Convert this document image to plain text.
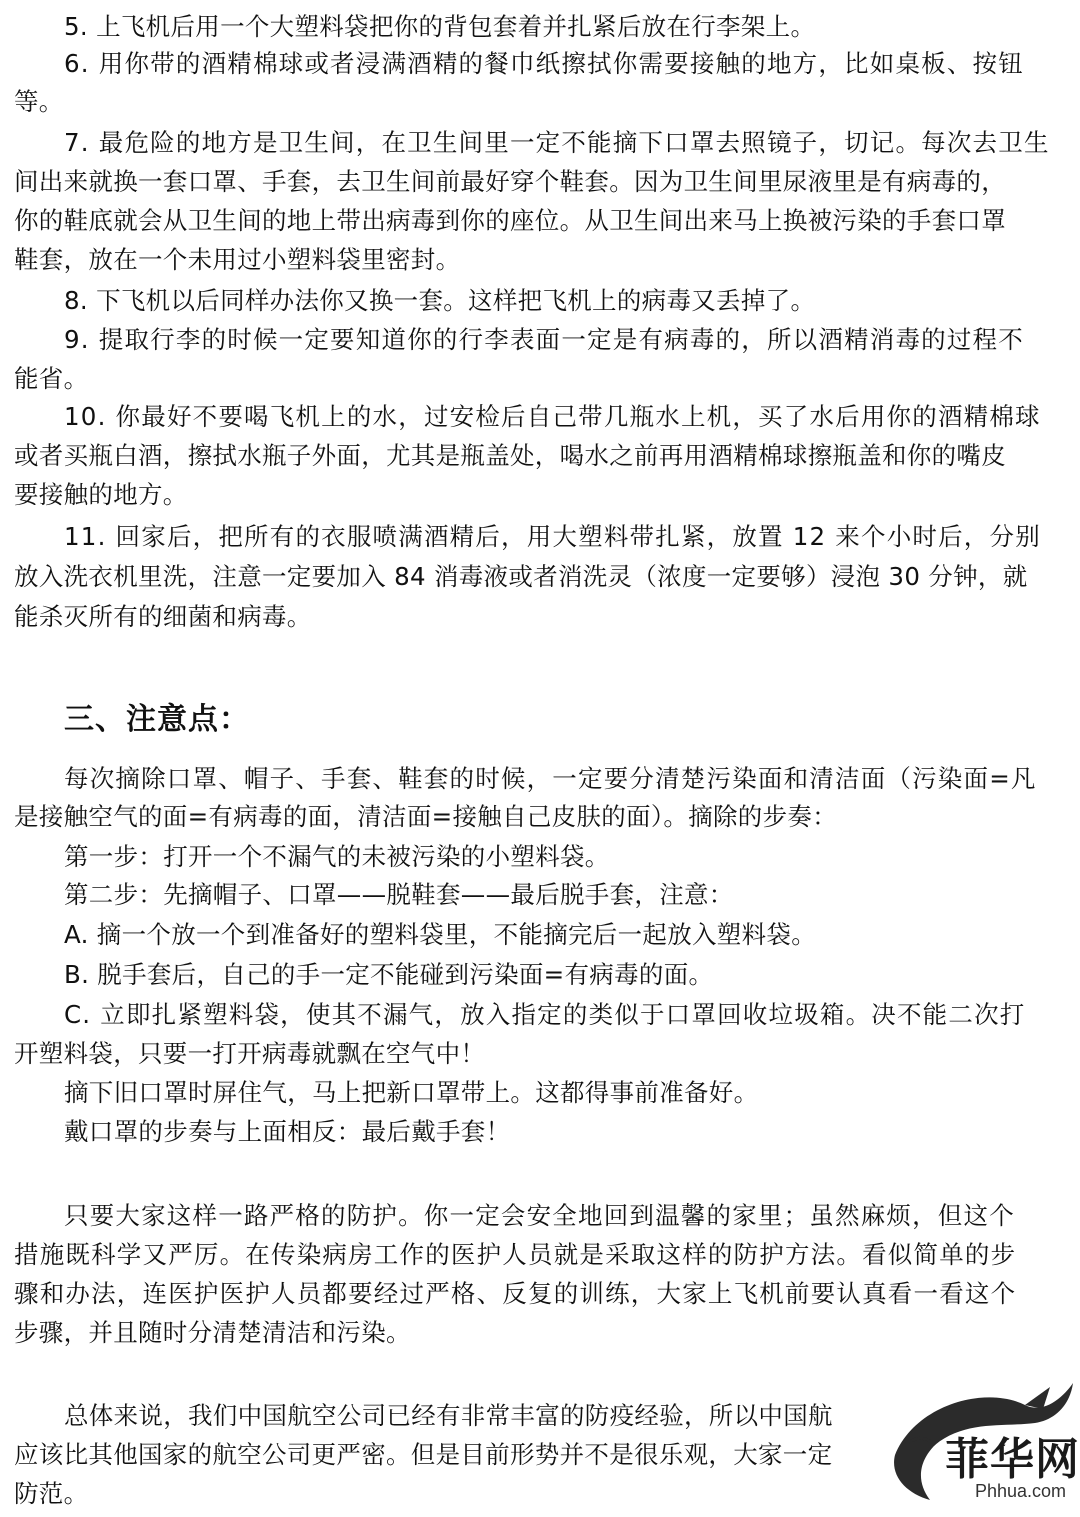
5. 上飞机后用一个大塑料袋把你的背包套着并扎紧后放在行李架上。
6. 用你带的酒精棉球或者浸满酒精的餐巾纸擦拭你需要接触的地方，比如桌板、按钮
等。
7. 最危险的地方是卫生间，在卫生间里一定不能摘下口罩去照镜子，切记。每次去卫生
间出来就换一套口罩、手套，去卫生间前最好穿个鞋套。因为卫生间里尿液里是有病毒的，
你的鞋底就会从卫生间的地上带出病毒到你的座位。从卫生间出来马上换被污染的手套口罩
鞋套，放在一个未用过小塑料袋里密封。
8. 下飞机以后同样办法你又换一套。这样把飞机上的病毒又丢掉了。
9. 提取行李的时候一定要知道你的行李表面一定是有病毒的，所以酒精消毒的过程不
能省。
10. 你最好不要喝飞机上的水，过安检后自己带几瓶水上机，买了水后用你的酒精棉球
或者买瓶白酒，擦拭水瓶子外面，尤其是瓶盖处，喝水之前再用酒精棉球擦瓶盖和你的嘴皮
要接触的地方。
11. 回家后，把所有的衣服喷满酒精后，用大塑料带扎紧，放置 12 来个小时后，分别
放入洗衣机里洗，注意一定要加入 84 消毒液或者消洗灵（浓度一定要够）浸泡 30 分钟，就
能杀灭所有的细菌和病毒。
三、注意点：
每次摘除口罩、帽子、手套、鞋套的时候，一定要分清楚污染面和清洁面（污染面=凡
是接触空气的面=有病毒的面，清洁面=接触自己皮肤的面）。摘除的步奏：
第一步：打开一个不漏气的未被污染的小塑料袋。
第二步：先摘帽子、口罩——脱鞋套——最后脱手套，注意：
A. 摘一个放一个到准备好的塑料袋里，不能摘完后一起放入塑料袋。
B. 脱手套后，自己的手一定不能碰到污染面=有病毒的面。
C. 立即扎紧塑料袋，使其不漏气，放入指定的类似于口罩回收垃圾箱。决不能二次打
开塑料袋，只要一打开病毒就飘在空气中！
摘下旧口罩时屏住气，马上把新口罩带上。这都得事前准备好。
戴口罩的步奏与上面相反：最后戴手套！
只要大家这样一路严格的防护。你一定会安全地回到温馨的家里；虽然麻烦，但这个
措施既科学又严厉。在传染病房工作的医护人员就是采取这样的防护方法。看似简单的步
骤和办法，连医护医护人员都要经过严格、反复的训练，大家上飞机前要认真看一看这个
步骤，并且随时分清楚清洁和污染。
总体来说，我们中国航空公司已经有非常丰富的防疫经验，所以中国航
应该比其他国家的航空公司更严密。但是目前形势并不是很乐观，大家一定
防范。
菲华网
Phhua.com
